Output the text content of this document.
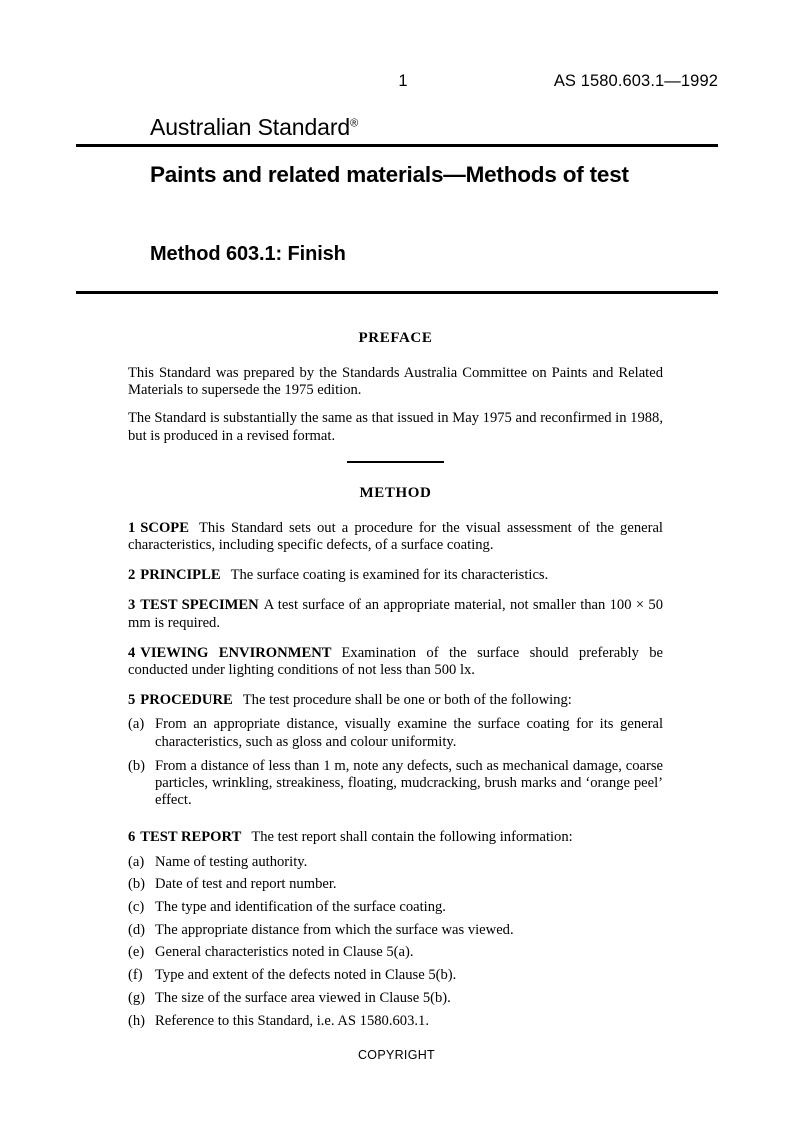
1	AS 1580.603.1—1992
Australian Standard®
Paints and related materials—Methods of test
Method 603.1: Finish
PREFACE

This Standard was prepared by the Standards Australia Committee on Paints and Related Materials to supersede the 1975 edition.

The Standard is substantially the same as that issued in May 1975 and reconfirmed in 1988, but is produced in a revised format.

METHOD

1 SCOPE This Standard sets out a procedure for the visual assessment of the general characteristics, including specific defects, of a surface coating.

2 PRINCIPLE The surface coating is examined for its characteristics.

3 TEST SPECIMEN A test surface of an appropriate material, not smaller than 100 × 50 mm is required.

4 VIEWING ENVIRONMENT Examination of the surface should preferably be conducted under lighting conditions of not less than 500 lx.

5 PROCEDURE The test procedure shall be one or both of the following:

(a) From an appropriate distance, visually examine the surface coating for its general characteristics, such as gloss and colour uniformity.
(b) From a distance of less than 1 m, note any defects, such as mechanical damage, coarse particles, wrinkling, streakiness, floating, mudcracking, brush marks and ‘orange peel’ effect.

6 TEST REPORT The test report shall contain the following information:

(a) Name of testing authority.
(b) Date of test and report number.
(c) The type and identification of the surface coating.
(d) The appropriate distance from which the surface was viewed.
(e) General characteristics noted in Clause 5(a).
(f) Type and extent of the defects noted in Clause 5(b).
(g) The size of the surface area viewed in Clause 5(b).
(h) Reference to this Standard, i.e. AS 1580.603.1.
COPYRIGHT
